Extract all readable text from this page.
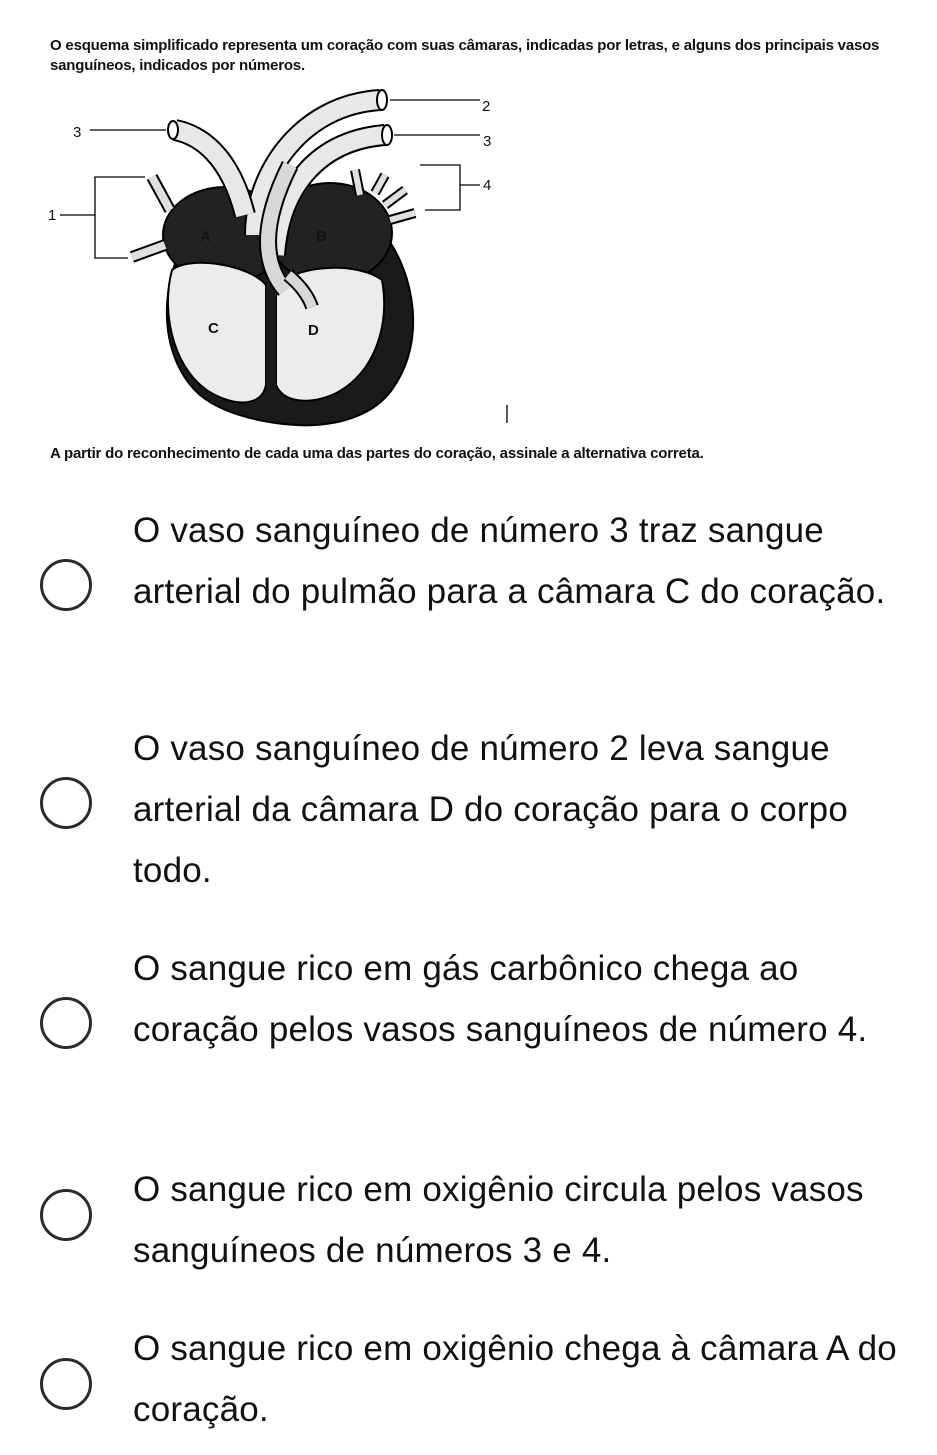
O esquema simplificado representa um coração com suas câmaras, indicadas por letras, e alguns dos principais vasos sanguíneos, indicados por números.
2
3
3
4
1
A	B
C	D
A partir do reconhecimento de cada uma das partes do coração, assinale a alternativa correta.
O vaso sanguíneo de número 3 traz sangue arterial do pulmão para a câmara C do coração.
O vaso sanguíneo de número 2 leva sangue arterial da câmara D do coração para o corpo todo.
O sangue rico em gás carbônico chega ao coração pelos vasos sanguíneos de número 4.
O sangue rico em oxigênio circula pelos vasos sanguíneos de números 3 e 4.
O sangue rico em oxigênio chega à câmara A do coração.
